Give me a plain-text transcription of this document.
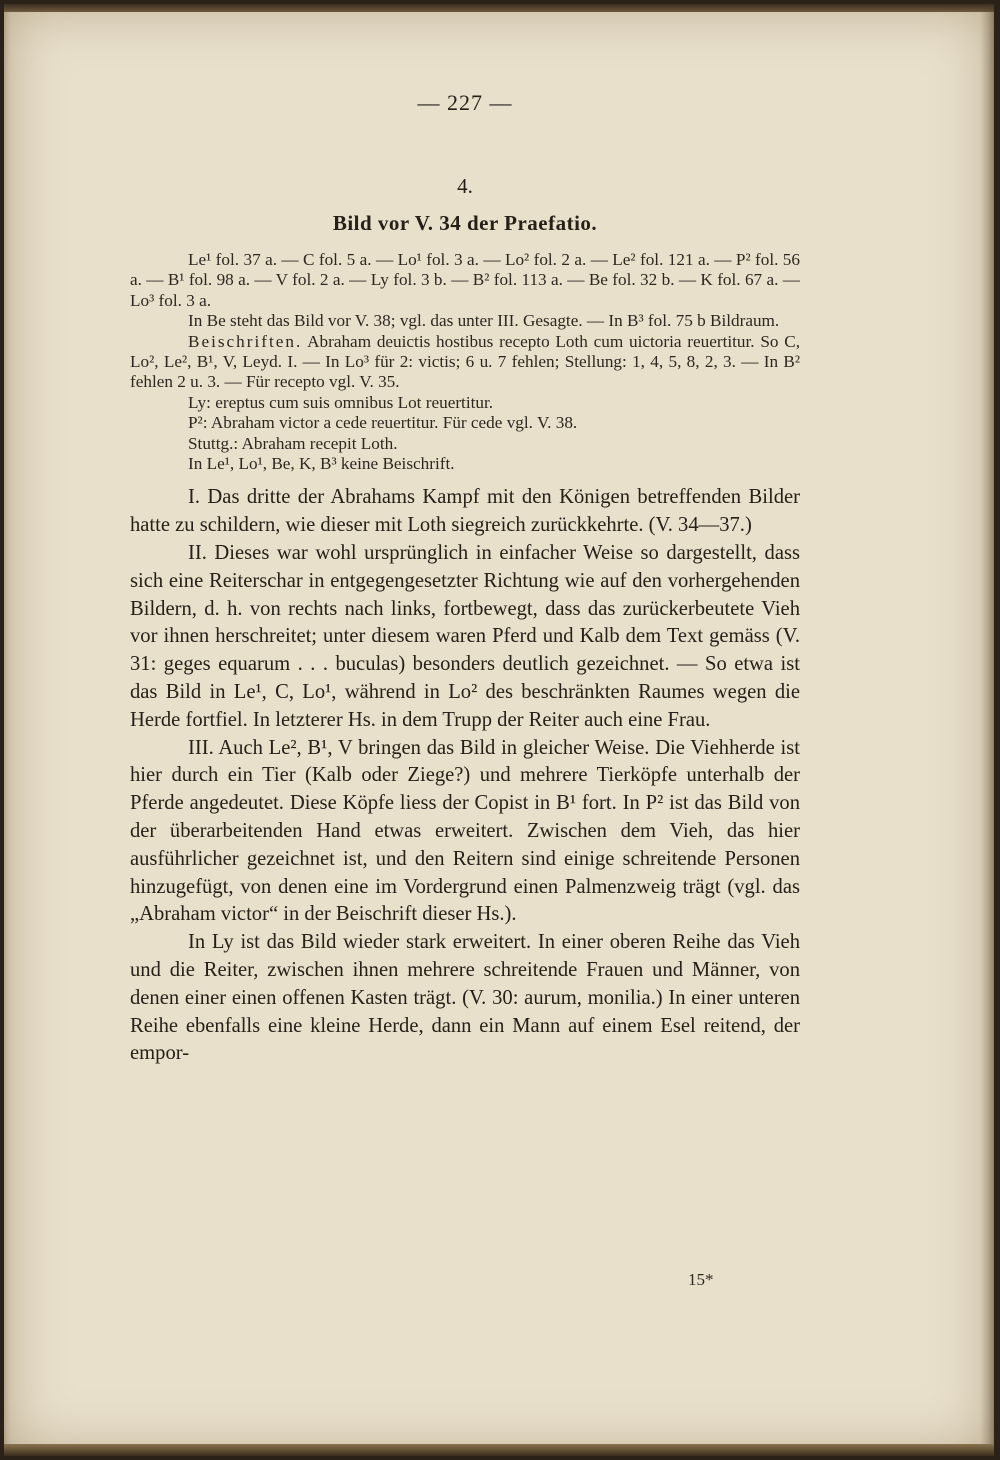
— 227 —
4.
Bild vor V. 34 der Praefatio.

Le¹ fol. 37 a. — C fol. 5 a. — Lo¹ fol. 3 a. — Lo² fol. 2 a. — Le² fol. 121 a. — P² fol. 56 a. — B¹ fol. 98 a. — V fol. 2 a. — Ly fol. 3 b. — B² fol. 113 a. — Be fol. 32 b. — K fol. 67 a. — Lo³ fol. 3 a.

In Be steht das Bild vor V. 38; vgl. das unter III. Gesagte. — In B³ fol. 75 b Bildraum.

Beischriften. Abraham deuictis hostibus recepto Loth cum uictoria reuertitur. So C, Lo², Le², B¹, V, Leyd. I. — In Lo³ für 2: victis; 6 u. 7 fehlen; Stellung: 1, 4, 5, 8, 2, 3. — In B² fehlen 2 u. 3. — Für recepto vgl. V. 35.

Ly: ereptus cum suis omnibus Lot reuertitur.

P²: Abraham victor a cede reuertitur. Für cede vgl. V. 38.

Stuttg.: Abraham recepit Loth.

In Le¹, Lo¹, Be, K, B³ keine Beischrift.

I. Das dritte der Abrahams Kampf mit den Königen betreffenden Bilder hatte zu schildern, wie dieser mit Loth siegreich zurückkehrte. (V. 34—37.)

II. Dieses war wohl ursprünglich in einfacher Weise so dargestellt, dass sich eine Reiterschar in entgegengesetzter Richtung wie auf den vorhergehenden Bildern, d. h. von rechts nach links, fortbewegt, dass das zurückerbeutete Vieh vor ihnen herschreitet; unter diesem waren Pferd und Kalb dem Text gemäss (V. 31: geges equarum . . . buculas) besonders deutlich gezeichnet. — So etwa ist das Bild in Le¹, C, Lo¹, während in Lo² des beschränkten Raumes wegen die Herde fortfiel. In letzterer Hs. in dem Trupp der Reiter auch eine Frau.

III. Auch Le², B¹, V bringen das Bild in gleicher Weise. Die Viehherde ist hier durch ein Tier (Kalb oder Ziege?) und mehrere Tierköpfe unterhalb der Pferde angedeutet. Diese Köpfe liess der Copist in B¹ fort. In P² ist das Bild von der überarbeitenden Hand etwas erweitert. Zwischen dem Vieh, das hier ausführlicher gezeichnet ist, und den Reitern sind einige schreitende Personen hinzugefügt, von denen eine im Vordergrund einen Palmenzweig trägt (vgl. das „Abraham victor“ in der Beischrift dieser Hs.).

In Ly ist das Bild wieder stark erweitert. In einer oberen Reihe das Vieh und die Reiter, zwischen ihnen mehrere schreitende Frauen und Männer, von denen einer einen offenen Kasten trägt. (V. 30: aurum, monilia.) In einer unteren Reihe ebenfalls eine kleine Herde, dann ein Mann auf einem Esel reitend, der empor-

15*
